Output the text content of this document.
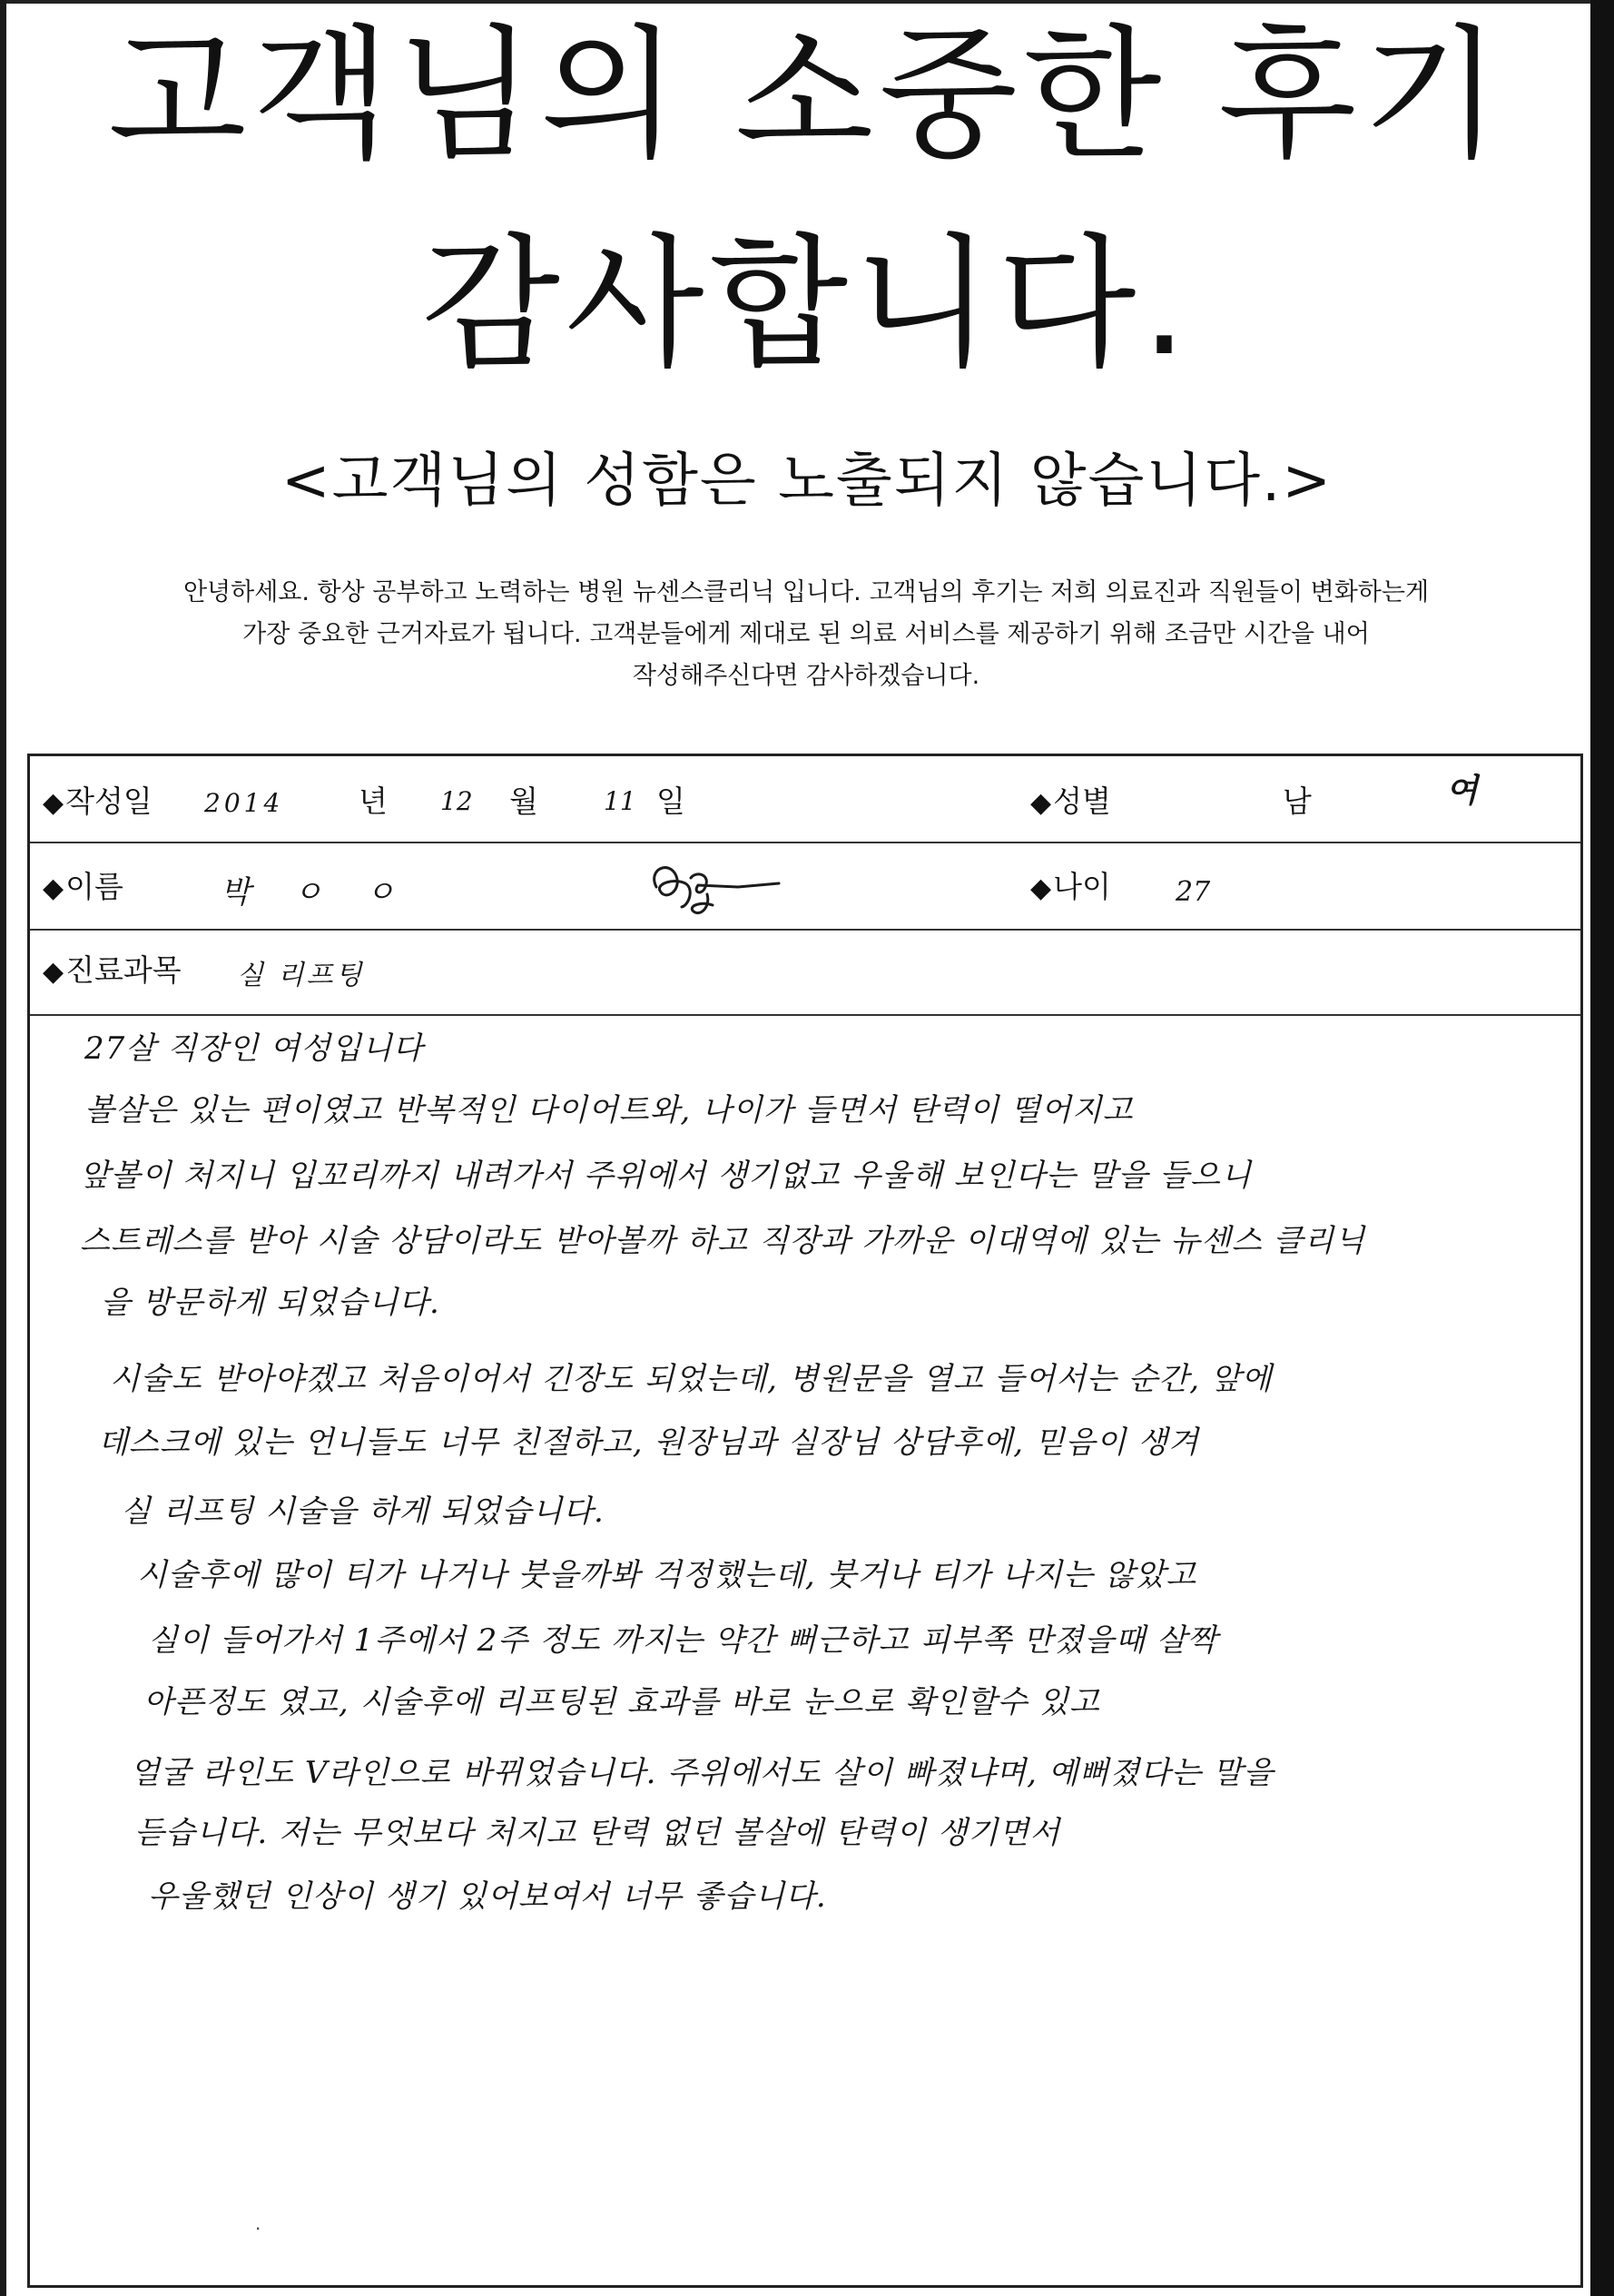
고객님의 소중한 후기
감사합니다.
<고객님의 성함은 노출되지 않습니다.>
안녕하세요. 항상 공부하고 노력하는 병원 뉴센스클리닉 입니다. 고객님의 후기는 저희 의료진과 직원들이 변화하는게
가장 중요한 근거자료가 됩니다. 고객분들에게 제대로 된 의료 서비스를 제공하기 위해 조금만 시간을 내어
작성해주신다면 감사하겠습니다.
◆작성일 2014	년 12 월	11 일	◆성별	남	여
◆이름	박 ㅇ ㅇ	◆나이 27
◆진료과목 실 리프팅
27살 직장인 여성입니다
볼살은 있는 편이였고 반복적인 다이어트와, 나이가 들면서 탄력이 떨어지고
앞볼이 처지니 입꼬리까지 내려가서 주위에서 생기없고 우울해 보인다는 말을 들으니
스트레스를 받아 시술 상담이라도 받아볼까 하고 직장과 가까운 이대역에 있는 뉴센스 클리닉
을 방문하게 되었습니다.
시술도 받아야겠고 처음이어서 긴장도 되었는데, 병원문을 열고 들어서는 순간, 앞에
데스크에 있는 언니들도 너무 친절하고, 원장님과 실장님 상담후에, 믿음이 생겨
실 리프팅 시술을 하게 되었습니다.
시술후에 많이 티가 나거나 붓을까봐 걱정했는데, 붓거나 티가 나지는 않았고
실이 들어가서 1주에서 2주 정도 까지는 약간 뻐근하고 피부쪽 만졌을때 살짝
아픈정도 였고, 시술후에 리프팅된 효과를 바로 눈으로 확인할수 있고
얼굴 라인도 V라인으로 바뀌었습니다. 주위에서도 살이 빠졌냐며, 예뻐졌다는 말을
듣습니다. 저는 무엇보다 처지고 탄력 없던 볼살에 탄력이 생기면서
우울했던 인상이 생기 있어보여서 너무 좋습니다.
·
